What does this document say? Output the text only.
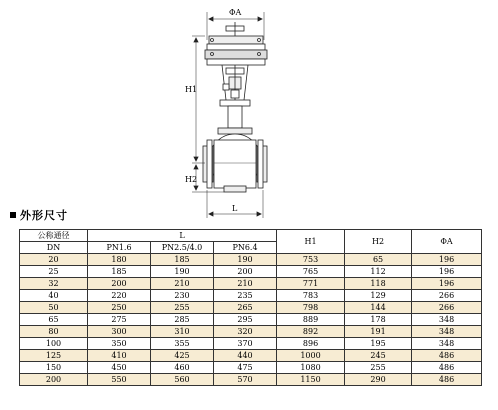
ΦA
H1
H2
L
外形尺寸
公称通径	L			H1	H2	ΦA
DN	PN1.6	PN2.5/4.0	PN6.4			
20	180	185	190	753	65	196
25	185	190	200	765	112	196
32	200	210	210	771	118	196
40	220	230	235	783	129	266
50	250	255	265	798	144	266
65	275	285	295	889	178	348
80	300	310	320	892	191	348
100	350	355	370	896	195	348
125	410	425	440	1000	245	486
150	450	460	475	1080	255	486
200	550	560	570	1150	290	486
